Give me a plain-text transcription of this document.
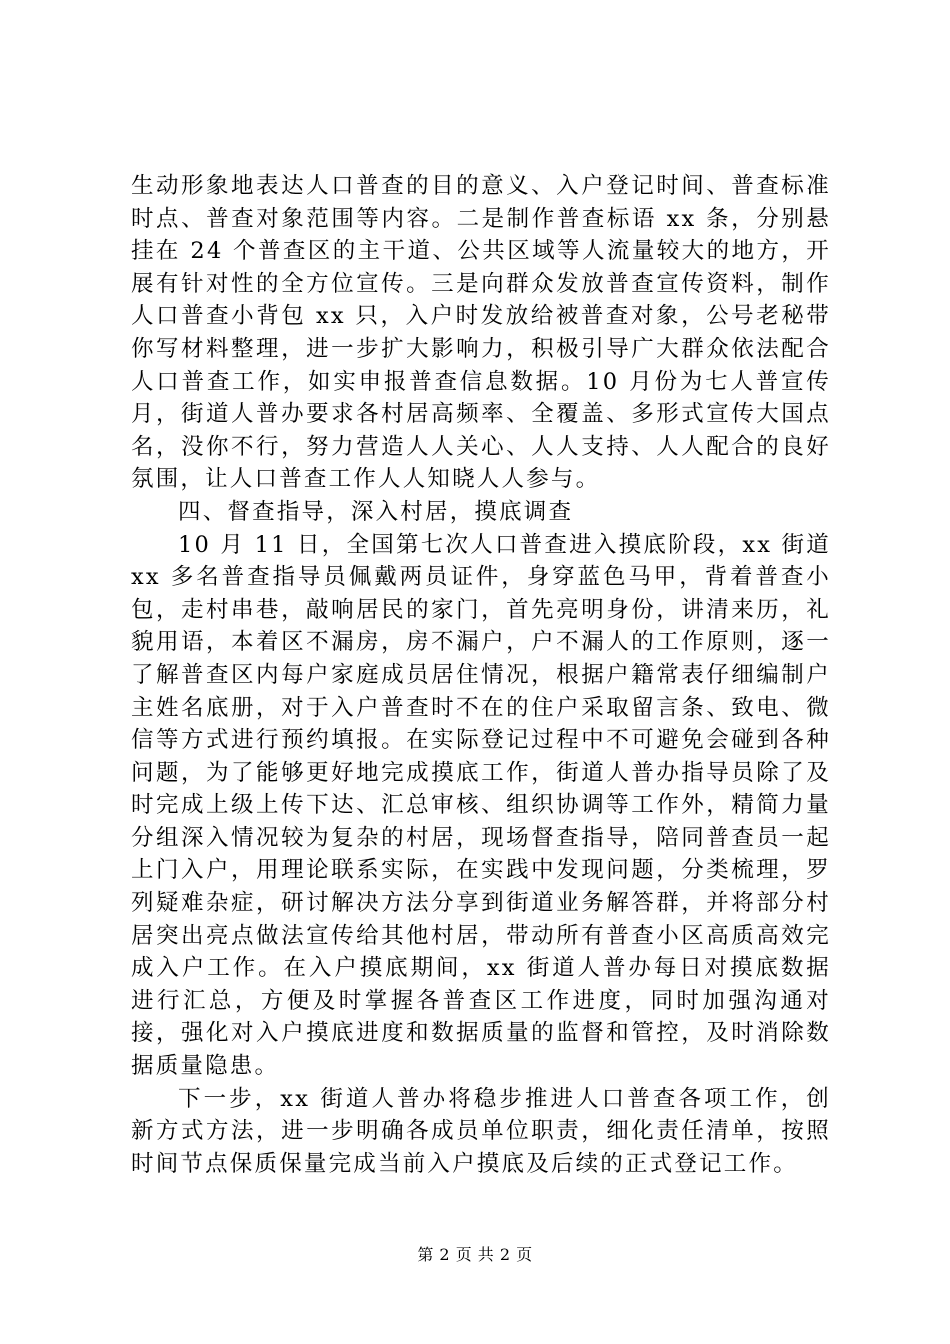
生动形象地表达人口普查的目的意义、入户登记时间、普查标准时点、普查对象范围等内容。二是制作普查标语 xx 条，分别悬挂在 24 个普查区的主干道、公共区域等人流量较大的地方，开展有针对性的全方位宣传。三是向群众发放普查宣传资料，制作人口普查小背包 xx 只，入户时发放给被普查对象，公号老秘带你写材料整理，进一步扩大影响力，积极引导广大群众依法配合人口普查工作，如实申报普查信息数据。10 月份为七人普宣传月，街道人普办要求各村居高频率、全覆盖、多形式宣传大国点名，没你不行，努力营造人人关心、人人支持、人人配合的良好氛围，让人口普查工作人人知晓人人参与。

四、督查指导，深入村居，摸底调查

10 月 11 日，全国第七次人口普查进入摸底阶段，xx 街道 xx 多名普查指导员佩戴两员证件，身穿蓝色马甲，背着普查小包，走村串巷，敲响居民的家门，首先亮明身份，讲清来历，礼貌用语，本着区不漏房，房不漏户，户不漏人的工作原则，逐一了解普查区内每户家庭成员居住情况，根据户籍常表仔细编制户主姓名底册，对于入户普查时不在的住户采取留言条、致电、微信等方式进行预约填报。在实际登记过程中不可避免会碰到各种问题，为了能够更好地完成摸底工作，街道人普办指导员除了及时完成上级上传下达、汇总审核、组织协调等工作外，精简力量分组深入情况较为复杂的村居，现场督查指导，陪同普查员一起上门入户，用理论联系实际，在实践中发现问题，分类梳理，罗列疑难杂症，研讨解决方法分享到街道业务解答群，并将部分村居突出亮点做法宣传给其他村居，带动所有普查小区高质高效完成入户工作。在入户摸底期间，xx 街道人普办每日对摸底数据进行汇总，方便及时掌握各普查区工作进度，同时加强沟通对接，强化对入户摸底进度和数据质量的监督和管控，及时消除数据质量隐患。

下一步，xx 街道人普办将稳步推进人口普查各项工作，创新方式方法，进一步明确各成员单位职责，细化责任清单，按照时间节点保质保量完成当前入户摸底及后续的正式登记工作。

第 2 页 共 2 页
